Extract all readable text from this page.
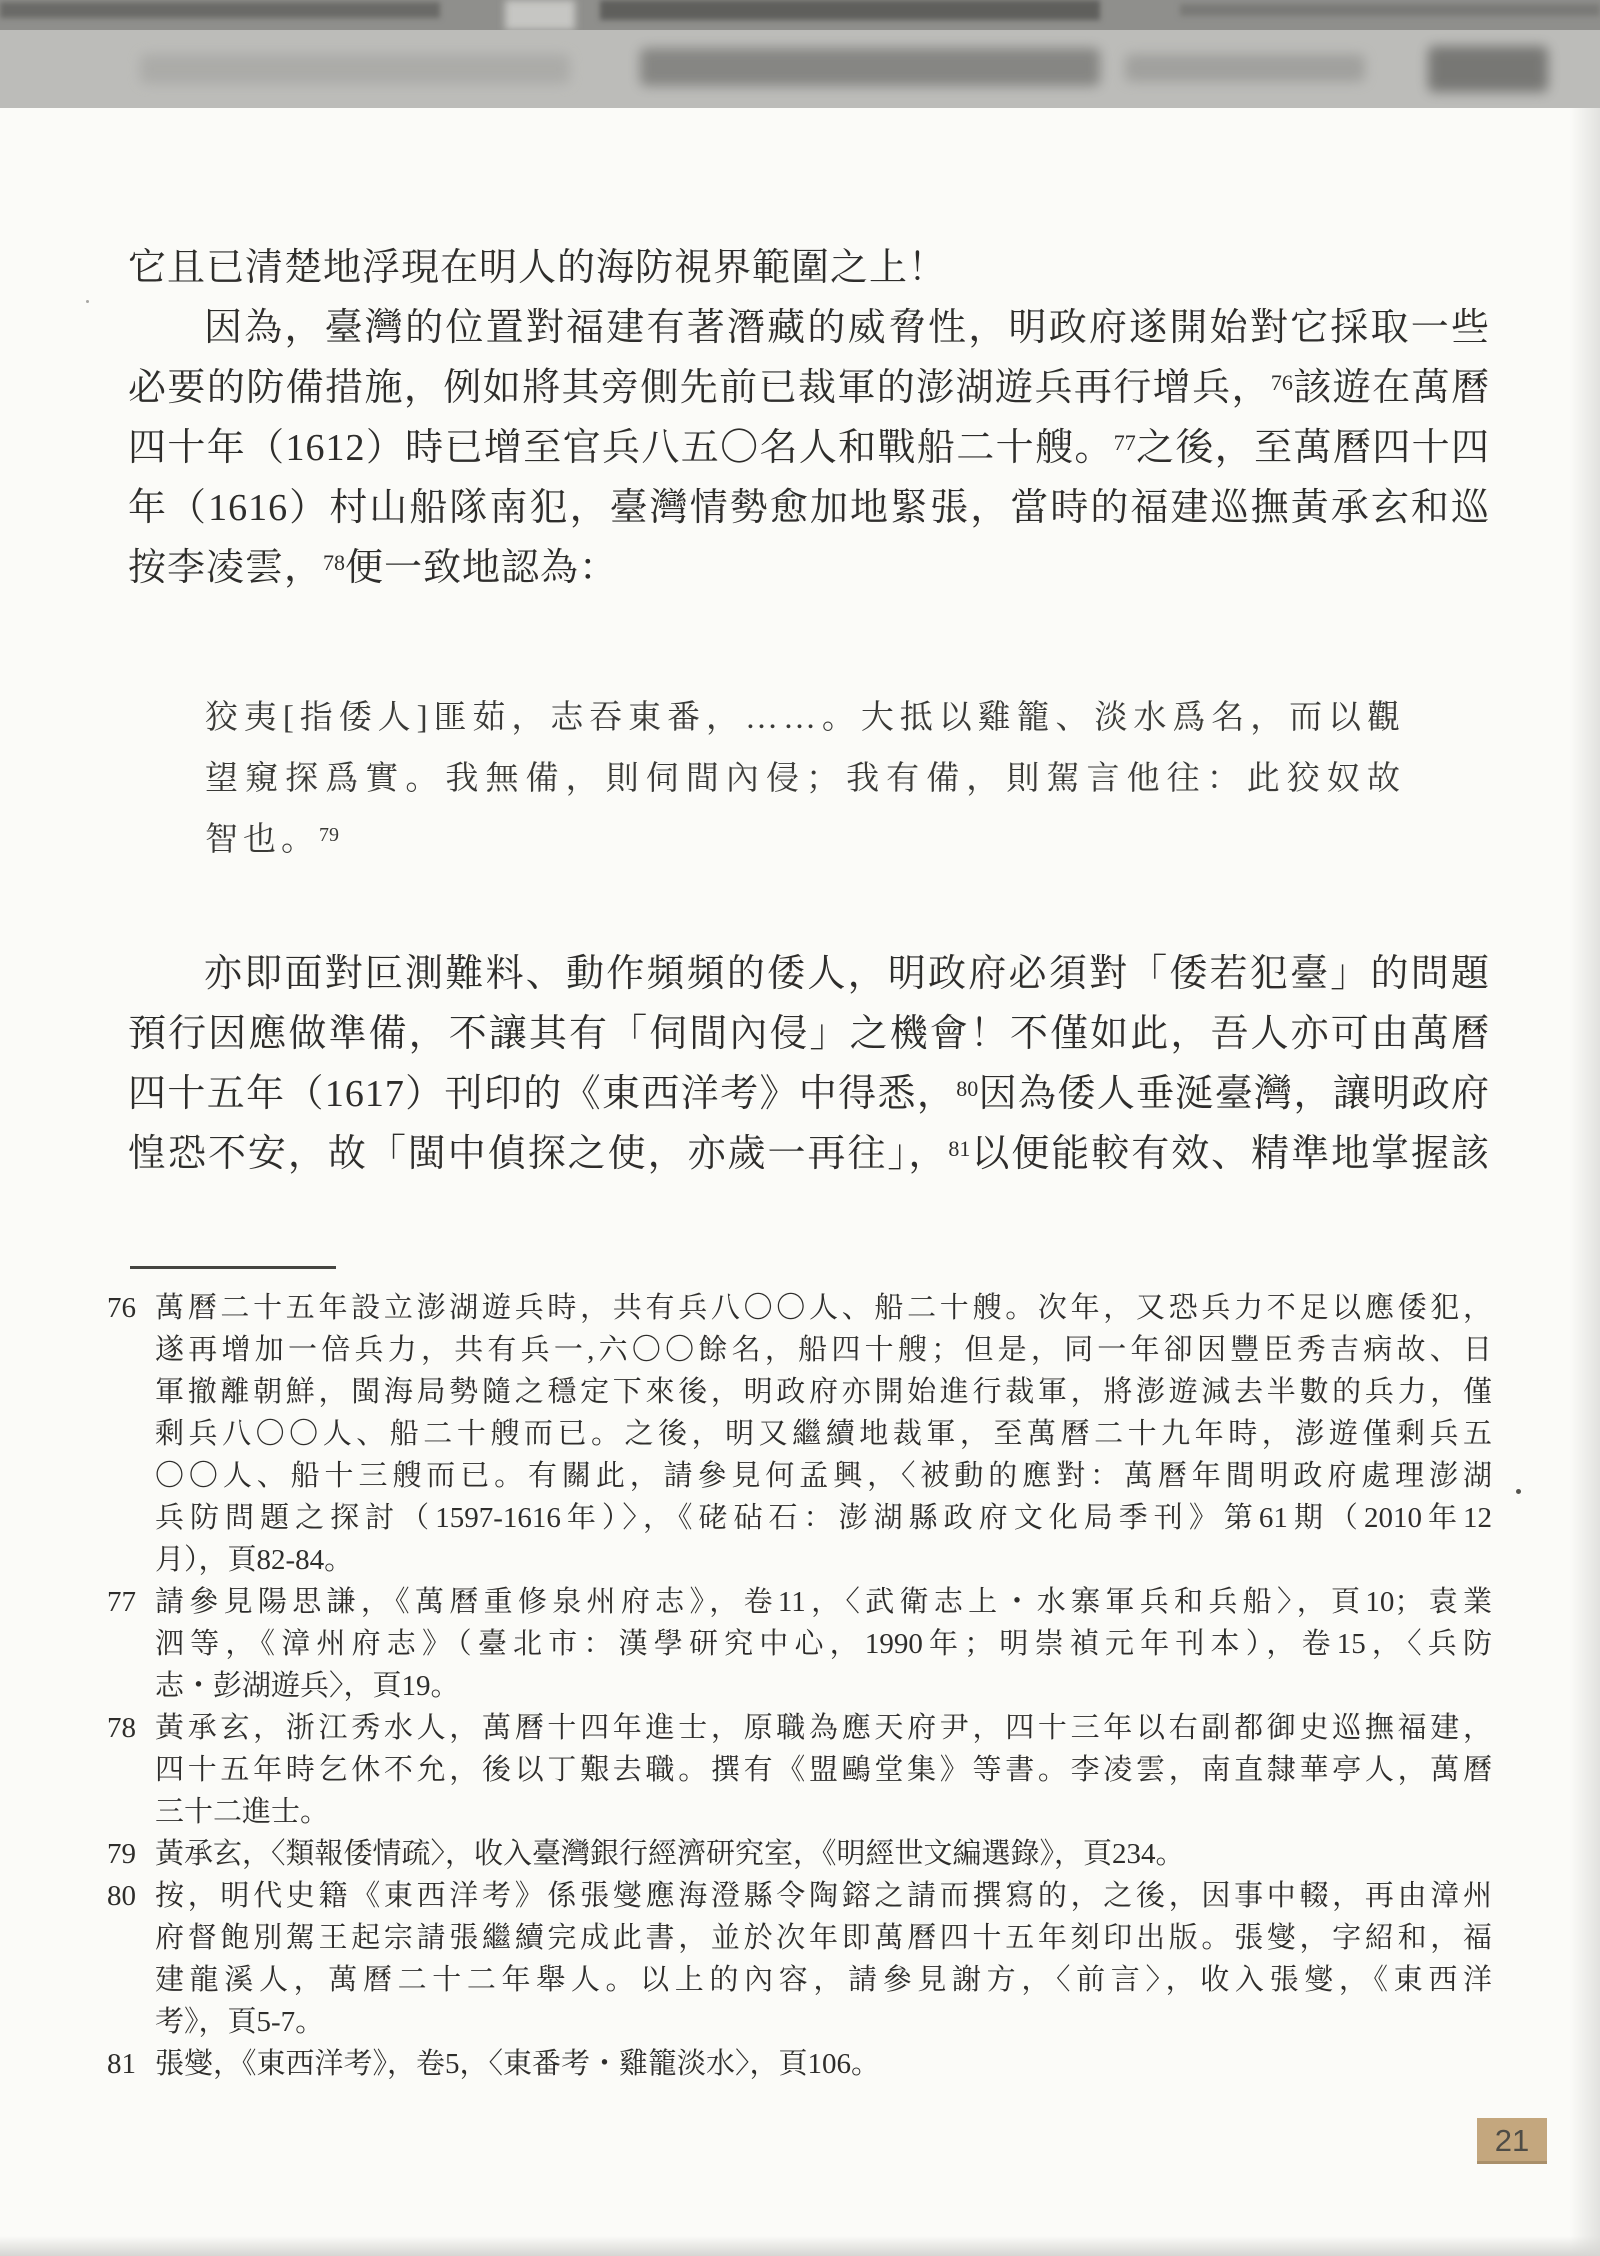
它且已清楚地浮現在明人的海防視界範圍之上！
因為，臺灣的位置對福建有著潛藏的威脅性，明政府遂開始對它採取一些
必要的防備措施，例如將其旁側先前已裁軍的澎湖遊兵再行增兵，$^{76}$該遊在萬曆
四十年（1612）時已增至官兵八五〇名人和戰船二十艘。$^{77}$之後，至萬曆四十四
年（1616）村山船隊南犯，臺灣情勢愈加地緊張，當時的福建巡撫黃承玄和巡
按李凌雲，$^{78}$便一致地認為：
狡夷[指倭人]匪茹，志吞東番，……。大抵以雞籠、淡水爲名，而以觀
望窺探爲實。我無備，則伺間內侵；我有備，則駕言他往：此狡奴故
智也。$^{79}$
亦即面對叵測難料、動作頻頻的倭人，明政府必須對「倭若犯臺」的問題
預行因應做準備，不讓其有「伺間內侵」之機會！不僅如此，吾人亦可由萬曆
四十五年（1617）刊印的《東西洋考》中得悉，$^{80}$因為倭人垂涎臺灣，讓明政府
惶恐不安，故「閩中偵探之使，亦歲一再往」，$^{81}$以便能較有效、精準地掌握該
76 萬曆二十五年設立澎湖遊兵時，共有兵八〇〇人、船二十艘。次年，又恐兵力不足以應倭犯，
遂再增加一倍兵力，共有兵一,六〇〇餘名，船四十艘；但是，同一年卻因豐臣秀吉病故、日
軍撤離朝鮮，閩海局勢隨之穩定下來後，明政府亦開始進行裁軍，將澎遊減去半數的兵力，僅
剩兵八〇〇人、船二十艘而已。之後，明又繼續地裁軍，至萬曆二十九年時，澎遊僅剩兵五
〇〇人、船十三艘而已。有關此，請參見何孟興，〈被動的應對：萬曆年間明政府處理澎湖
兵防問題之探討（1597-1616年）〉，《硓砧石：澎湖縣政府文化局季刊》第61期（2010年12
月），頁82-84。
77 請參見陽思謙，《萬曆重修泉州府志》，卷11，〈武衛志上・水寨軍兵和兵船〉，頁10；袁業
泗等，《漳州府志》（臺北市：漢學研究中心，1990年；明崇禎元年刊本），卷15，〈兵防
志・彭湖遊兵〉，頁19。
78 黃承玄，浙江秀水人，萬曆十四年進士，原職為應天府尹，四十三年以右副都御史巡撫福建，
四十五年時乞休不允，後以丁艱去職。撰有《盟鷗堂集》等書。李凌雲，南直隸華亭人，萬曆
三十二進士。
79 黃承玄，〈類報倭情疏〉，收入臺灣銀行經濟研究室，《明經世文編選錄》，頁234。
80 按，明代史籍《東西洋考》係張燮應海澄縣令陶鎔之請而撰寫的，之後，因事中輟，再由漳州
府督飽別駕王起宗請張繼續完成此書，並於次年即萬曆四十五年刻印出版。張燮，字紹和，福
建龍溪人，萬曆二十二年舉人。以上的內容，請參見謝方，〈前言〉，收入張燮，《東西洋
考》，頁5-7。
81 張燮，《東西洋考》，卷5，〈東番考・雞籠淡水〉，頁106。
21
